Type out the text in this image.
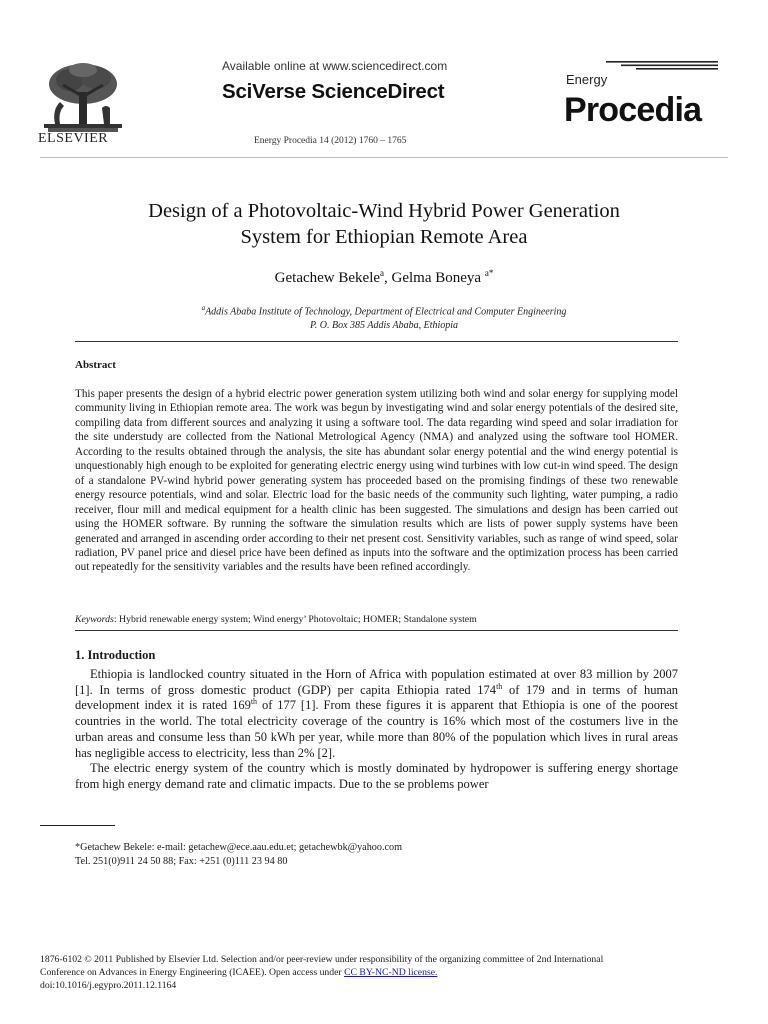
ELSEVIER
Available online at www.sciencedirect.com
SciVerse ScienceDirect
Energy Procedia 14 (2012) 1760 – 1765
Energy
Procedia
Design of a Photovoltaic-Wind Hybrid Power Generation
System for Ethiopian Remote Area
Getachew Bekele$^a$, Gelma Boneya $^{a*}$
$^a$Addis Ababa Institute of Technology, Department of Electrical and Computer Engineering
P. O. Box 385 Addis Ababa, Ethiopia
Abstract
This paper presents the design of a hybrid electric power generation system utilizing both wind and solar energy for supplying model community living in Ethiopian remote area. The work was begun by investigating wind and solar energy potentials of the desired site, compiling data from different sources and analyzing it using a software tool. The data regarding wind speed and solar irradiation for the site understudy are collected from the National Metrological Agency (NMA) and analyzed using the software tool HOMER. According to the results obtained through the analysis, the site has abundant solar energy potential and the wind energy potential is unquestionably high enough to be exploited for generating electric energy using wind turbines with low cut-in wind speed. The design of a standalone PV-wind hybrid power generating system has proceeded based on the promising findings of these two renewable energy resource potentials, wind and solar. Electric load for the basic needs of the community such lighting, water pumping, a radio receiver, flour mill and medical equipment for a health clinic has been suggested. The simulations and design has been carried out using the HOMER software. By running the software the simulation results which are lists of power supply systems have been generated and arranged in ascending order according to their net present cost. Sensitivity variables, such as range of wind speed, solar radiation, PV panel price and diesel price have been defined as inputs into the software and the optimization process has been carried out repeatedly for the sensitivity variables and the results have been refined accordingly.
Keywords: Hybrid renewable energy system; Wind energy’ Photovoltaic; HOMER; Standalone system
1. Introduction

Ethiopia is landlocked country situated in the Horn of Africa with population estimated at over 83 million by 2007 [1]. In terms of gross domestic product (GDP) per capita Ethiopia rated 174th of 179 and in terms of human development index it is rated 169th of 177 [1]. From these figures it is apparent that Ethiopia is one of the poorest countries in the world. The total electricity coverage of the country is 16% which most of the costumers live in the urban areas and consume less than 50 kWh per year, while more than 80% of the population which lives in rural areas has negligible access to electricity, less than 2% [2].

The electric energy system of the country which is mostly dominated by hydropower is suffering energy shortage from high energy demand rate and climatic impacts. Due to the se problems power

*Getachew Bekele: e-mail: getachew@ece.aau.edu.et; getachewbk@yahoo.com
Tel. 251(0)911 24 50 88; Fax: +251 (0)111 23 94 80
1876-6102 © 2011 Published by Elsevier Ltd. Selection and/or peer-review under responsibility of the organizing committee of 2nd International
Conference on Advances in Energy Engineering (ICAEE). Open access under CC BY-NC-ND license.
doi:10.1016/j.egypro.2011.12.1164
